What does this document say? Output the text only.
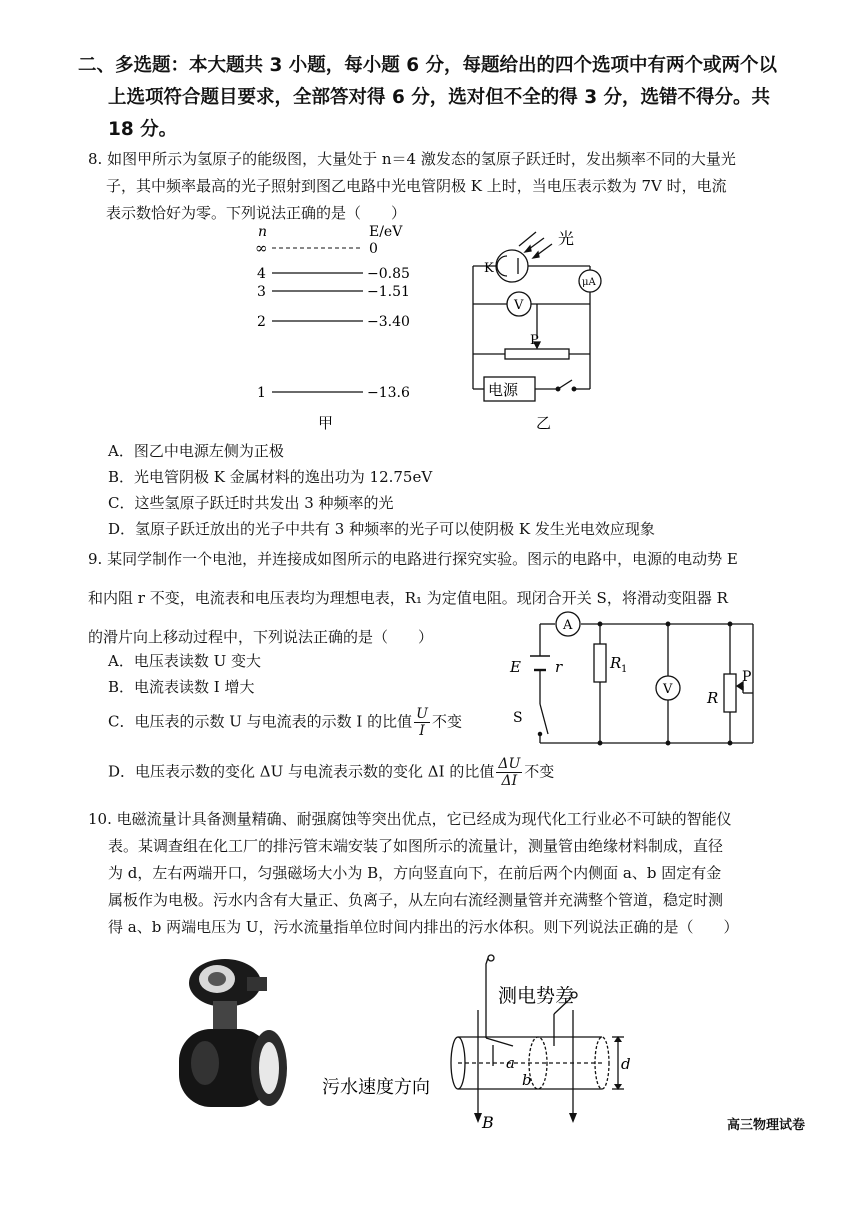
二、多选题：本大题共 3 小题，每小题 6 分，每题给出的四个选项中有两个或两个以
上选项符合题目要求，全部答对得 6 分，选对但不全的得 3 分，选错不得分。共
18 分。
8. 如图甲所示为氢原子的能级图，大量处于 n＝4 激发态的氢原子跃迁时，发出频率不同的大量光
子，其中频率最高的光子照射到图乙电路中光电管阴极 K 上时，当电压表示数为 7V 时，电流
表示数恰好为零。下列说法正确的是（　　）
n	E/eV
∞	0
4	−0.85
3	−1.51
2	−3.40
1	−13.6
甲
光
K
μA
V
P
电源
乙
A．图乙中电源左侧为正极
B．光电管阴极 K 金属材料的逸出功为 12.75eV
C．这些氢原子跃迁时共发出 3 种频率的光
D．氢原子跃迁放出的光子中共有 3 种频率的光子可以使阴极 K 发生光电效应现象
9. 某同学制作一个电池，并连接成如图所示的电路进行探究实验。图示的电路中，电源的电动势 E
和内阻 r 不变，电流表和电压表均为理想电表，R₁ 为定值电阻。现闭合开关 S，将滑动变阻器 R
的滑片向上移动过程中，下列说法正确的是（　　）
A．电压表读数 U 变大
B．电流表读数 I 增大
C．电压表的示数 U 与电流表的示数 I 的比值 $\frac{U}{I}$ 不变
D．电压表示数的变化 ΔU 与电流表示数的变化 ΔI 的比值 $\frac{\Delta U}{\Delta I}$ 不变
A
E r	R 1
V
P
R
S
10. 电磁流量计具备测量精确、耐强腐蚀等突出优点，它已经成为现代化工行业必不可缺的智能仪
表。某调查组在化工厂的排污管末端安装了如图所示的流量计，测量管由绝缘材料制成，直径
为 d，左右两端开口，匀强磁场大小为 B，方向竖直向下，在前后两个内侧面 a、b 固定有金
属板作为电极。污水内含有大量正、负离子，从左向右流经测量管并充满整个管道，稳定时测
得 a、b 两端电压为 U，污水流量指单位时间内排出的污水体积。则下列说法正确的是（　　）
测电势差
污水速度方向
a
b
d
B	高三物理试卷
